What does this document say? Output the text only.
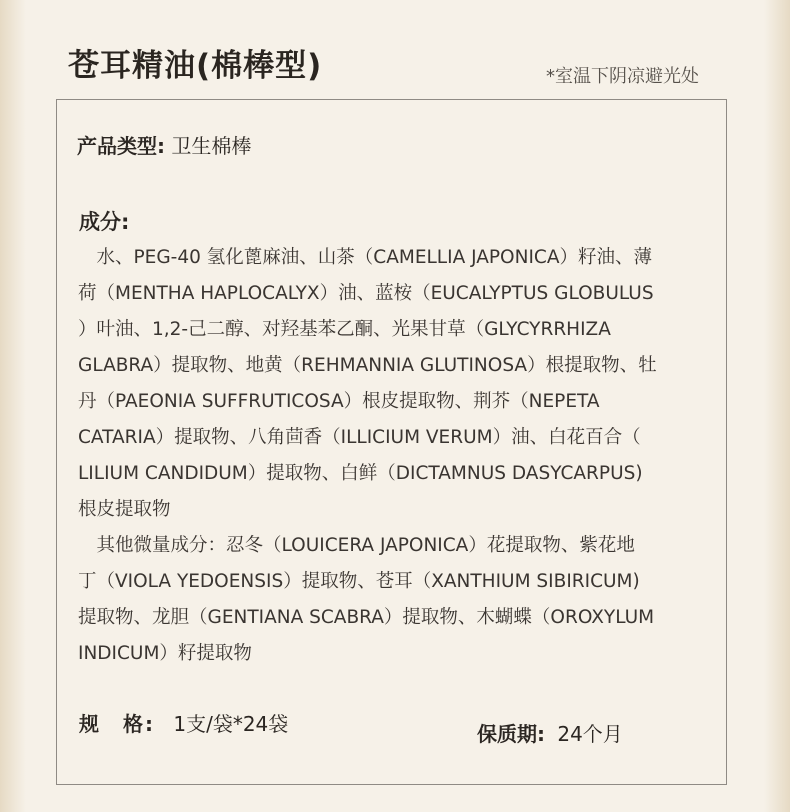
苍耳精油(棉棒型)	*室温下阴凉避光处
产品类型: 卫生棉棒
成分:
　水、PEG-40 氢化蓖麻油、山茶（CAMELLIA JAPONICA）籽油、薄
荷（MENTHA HAPLOCALYX）油、蓝桉（EUCALYPTUS GLOBULUS
）叶油、1,2-己二醇、对羟基苯乙酮、光果甘草（GLYCYRRHIZA
GLABRA）提取物、地黄（REHMANNIA GLUTINOSA）根提取物、牡
丹（PAEONIA SUFFRUTICOSA）根皮提取物、荆芥（NEPETA
CATARIA）提取物、八角茴香（ILLICIUM VERUM）油、白花百合（
LILIUM CANDIDUM）提取物、白鲜（DICTAMNUS DASYCARPUS)
根皮提取物
　其他微量成分：忍冬（LOUICERA JAPONICA）花提取物、紫花地
丁（VIOLA YEDOENSIS）提取物、苍耳（XANTHIUM SIBIRICUM)
提取物、龙胆（GENTIANA SCABRA）提取物、木蝴蝶（OROXYLUM
INDICUM）籽提取物
规　格: 1支/袋*24袋	保质期: 24个月
